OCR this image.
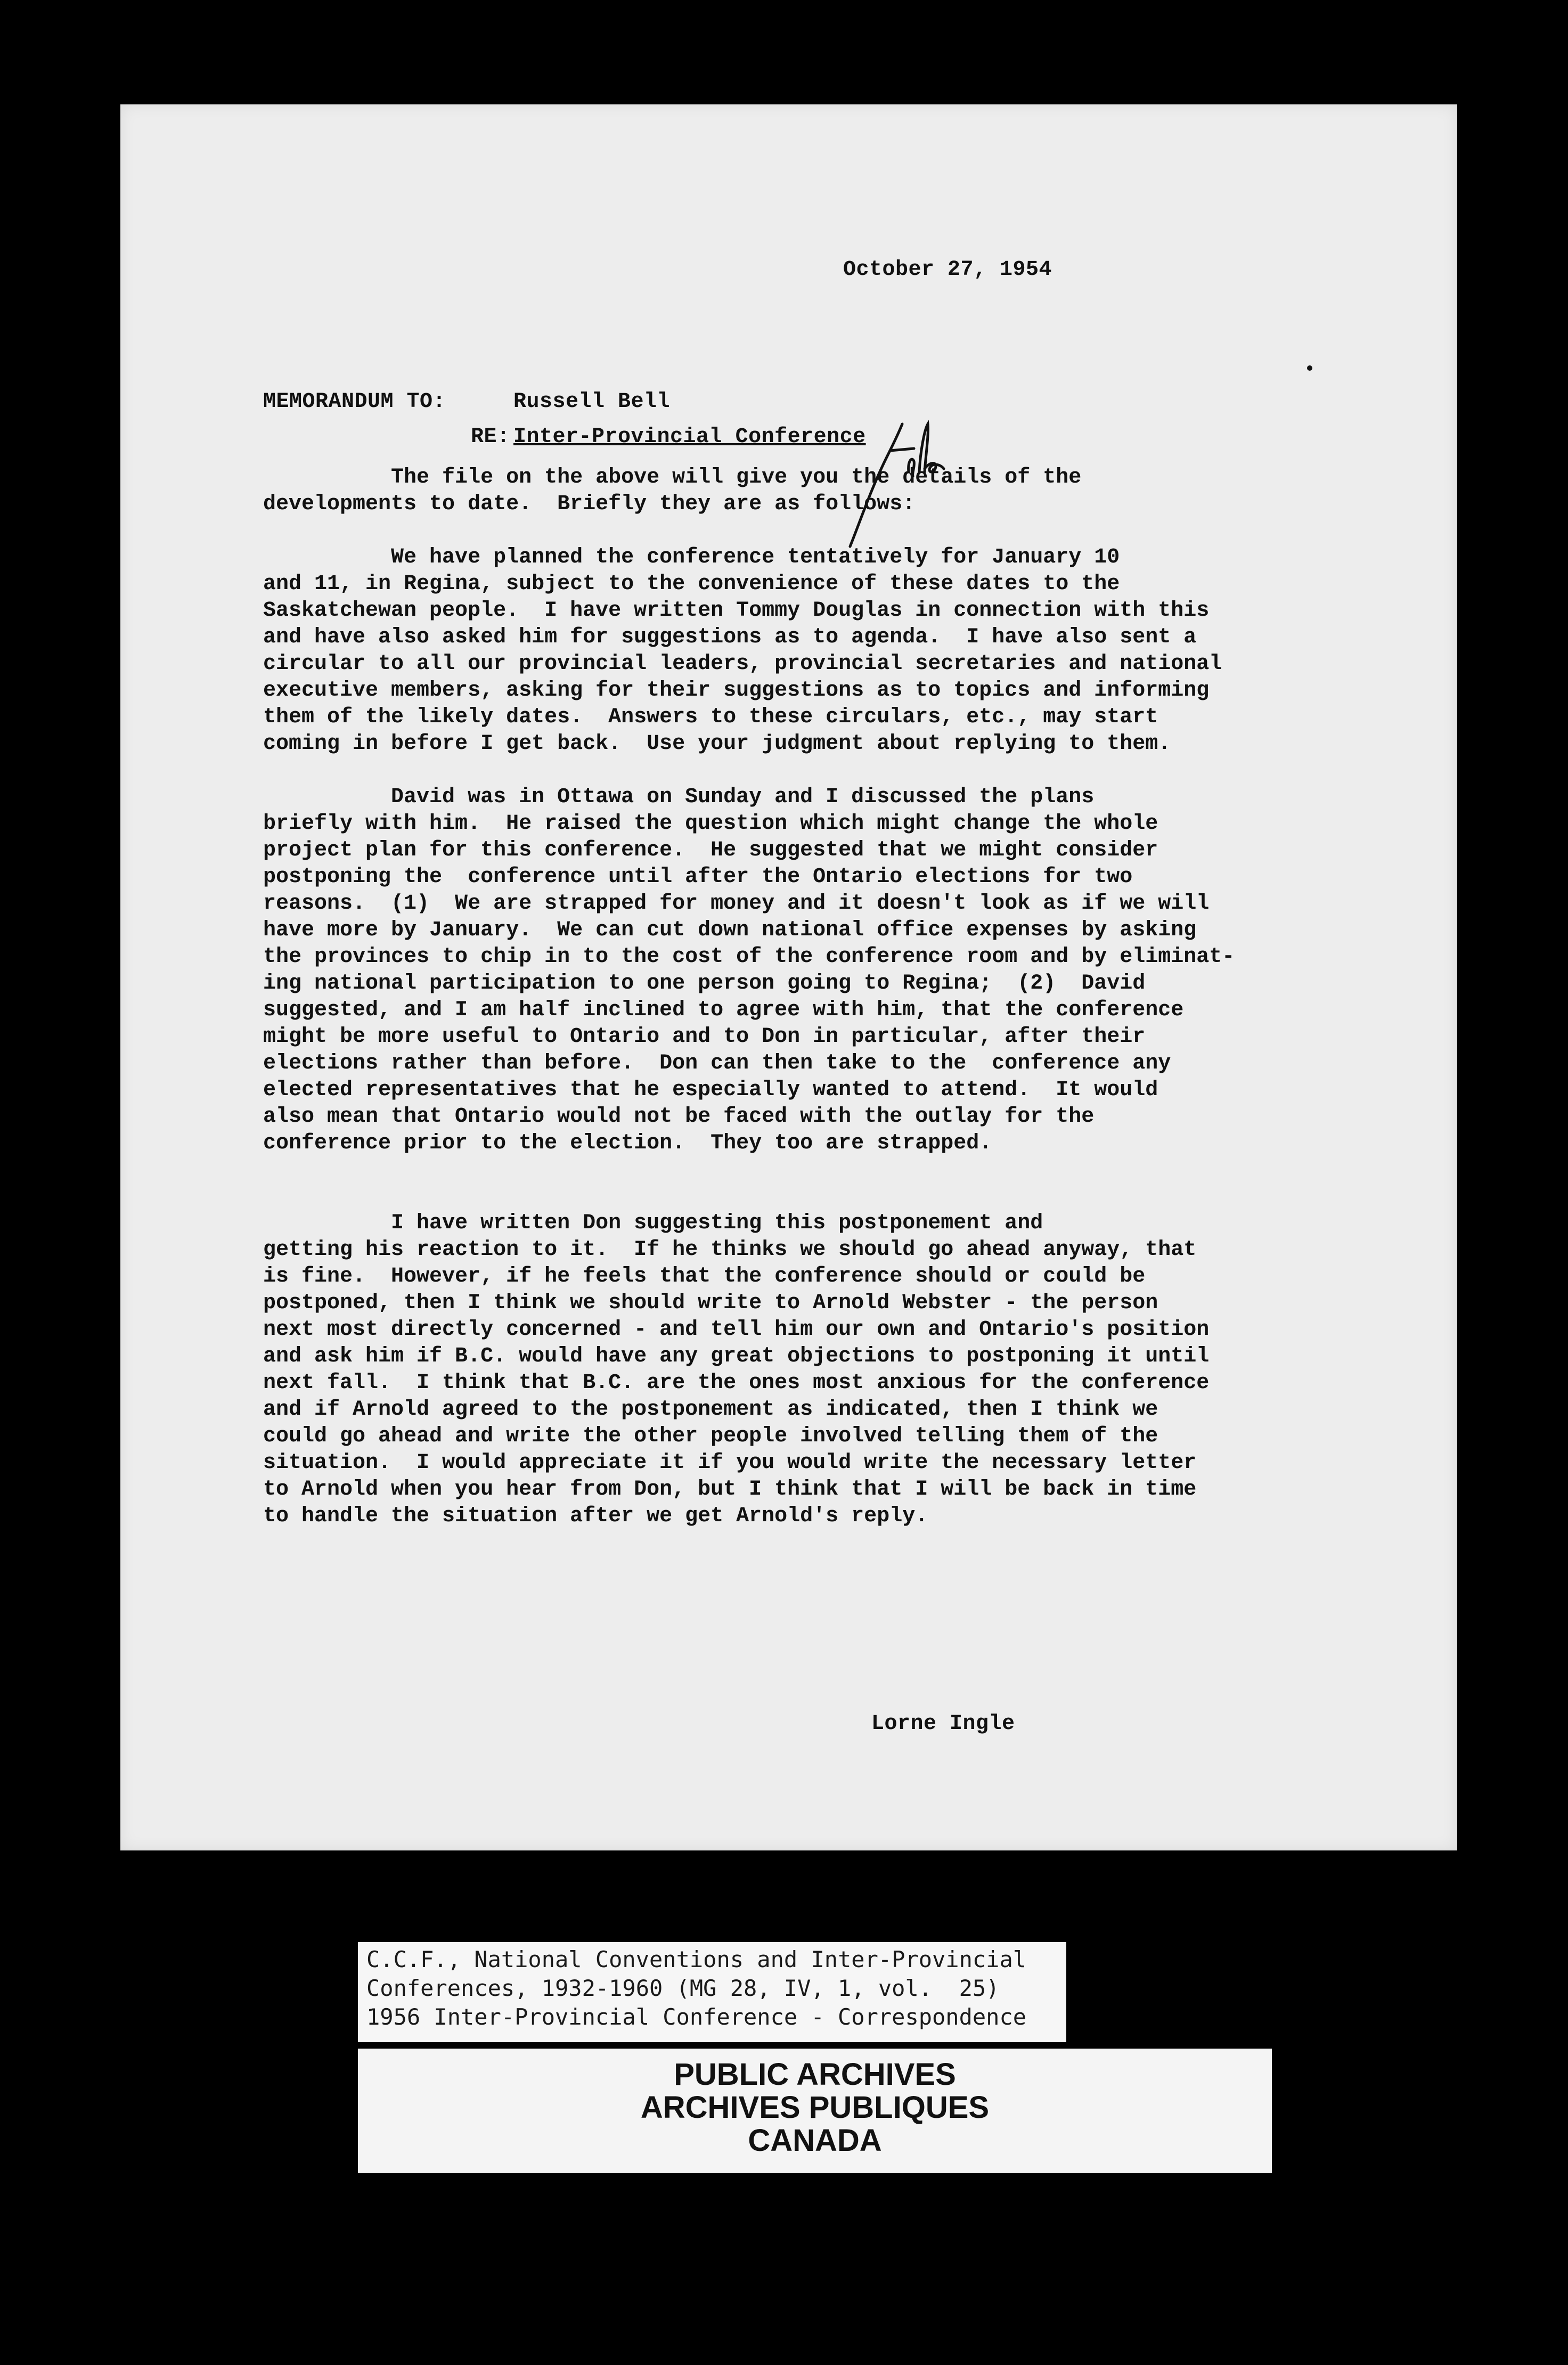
October 27, 1954
MEMORANDUM TO:	Russell Bell
RE: Inter-Provincial Conference
The file on the above will give you the details of the
developments to date.  Briefly they are as follows:
We have planned the conference tentatively for January 10
and 11, in Regina, subject to the convenience of these dates to the
Saskatchewan people.  I have written Tommy Douglas in connection with this
and have also asked him for suggestions as to agenda.  I have also sent a
circular to all our provincial leaders, provincial secretaries and national
executive members, asking for their suggestions as to topics and informing
them of the likely dates.  Answers to these circulars, etc., may start
coming in before I get back.  Use your judgment about replying to them.
David was in Ottawa on Sunday and I discussed the plans
briefly with him.  He raised the question which might change the whole
project plan for this conference.  He suggested that we might consider
postponing the  conference until after the Ontario elections for two
reasons.  (1)  We are strapped for money and it doesn't look as if we will
have more by January.  We can cut down national office expenses by asking
the provinces to chip in to the cost of the conference room and by eliminat-
ing national participation to one person going to Regina;  (2)  David
suggested, and I am half inclined to agree with him, that the conference
might be more useful to Ontario and to Don in particular, after their
elections rather than before.  Don can then take to the  conference any
elected representatives that he especially wanted to attend.  It would
also mean that Ontario would not be faced with the outlay for the
conference prior to the election.  They too are strapped.
I have written Don suggesting this postponement and
getting his reaction to it.  If he thinks we should go ahead anyway, that
is fine.  However, if he feels that the conference should or could be
postponed, then I think we should write to Arnold Webster - the person
next most directly concerned - and tell him our own and Ontario's position
and ask him if B.C. would have any great objections to postponing it until
next fall.  I think that B.C. are the ones most anxious for the conference
and if Arnold agreed to the postponement as indicated, then I think we
could go ahead and write the other people involved telling them of the
situation.  I would appreciate it if you would write the necessary letter
to Arnold when you hear from Don, but I think that I will be back in time
to handle the situation after we get Arnold's reply.
Lorne Ingle
C.C.F., National Conventions and Inter-Provincial
Conferences, 1932-1960 (MG 28, IV, 1, vol.  25)
1956 Inter-Provincial Conference - Correspondence
PUBLIC ARCHIVES
ARCHIVES PUBLIQUES
CANADA
